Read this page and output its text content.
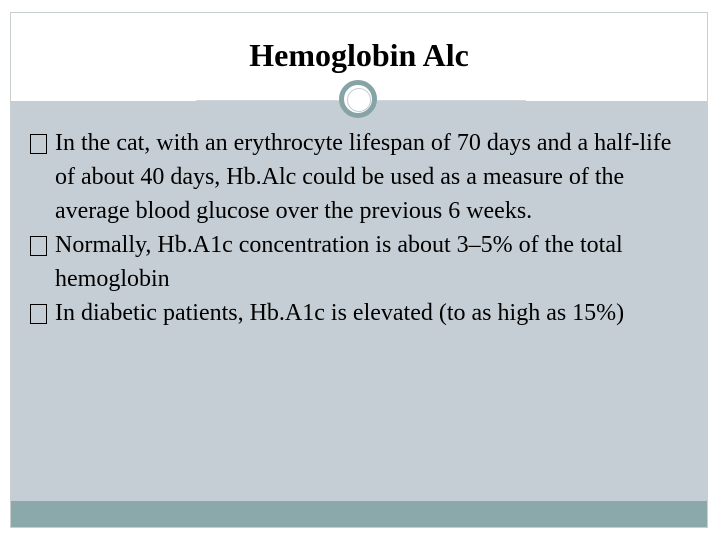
Hemoglobin Alc
In the cat, with an erythrocyte lifespan of 70 days and a half-life of about 40 days, Hb.Alc could be used as a measure of the average blood glucose over the previous 6 weeks.
Normally, Hb.A1c concentration is about 3–5% of the total hemoglobin
In diabetic patients, Hb.A1c is elevated (to as high as 15%)
